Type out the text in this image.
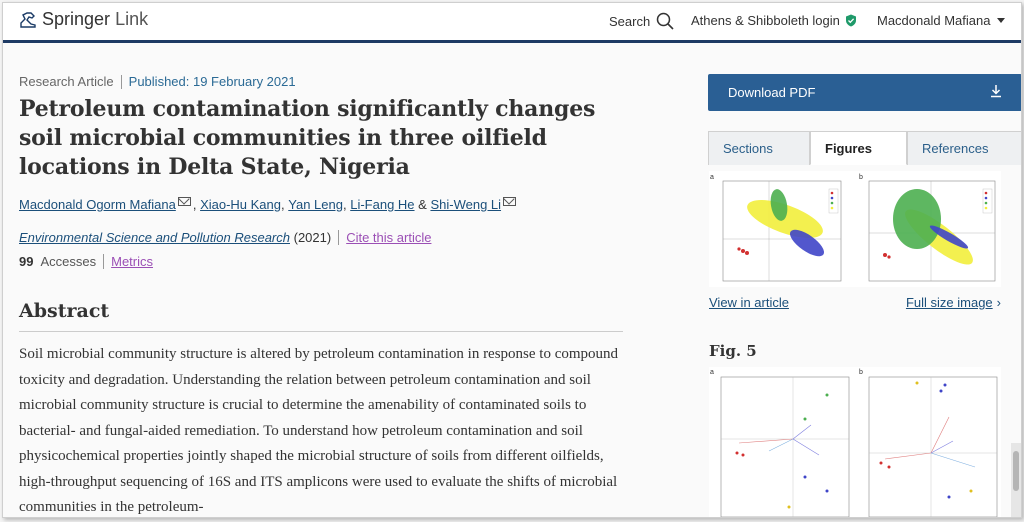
Springer Link	Search	Athens & Shibboleth login	Macdonald Mafiana
Research Article Published: 19 February 2021
Petroleum contamination significantly changes soil microbial communities in three oilfield locations in Delta State, Nigeria
Macdonald Ogorm Mafiana ,
Xiao-Hu Kang ,
Yan Leng ,
Li-Fang He
&
Shi-Weng Li
Environmental Science and Pollution Research
(2021) Cite this article
99 Accesses Metrics
Abstract

Soil microbial community structure is altered by petroleum contamination in response to compound toxicity and degradation. Understanding the relation between petroleum contamination and soil microbial community structure is crucial to determine the amenability of contaminated soils to bacterial- and fungal-aided remediation. To understand how petroleum contamination and soil physicochemical properties jointly shaped the microbial structure of soils from different oilfields, high-throughput sequencing of 16S and ITS amplicons were used to evaluate the shifts of microbial communities in the petroleum-

Download PDF
Sections	Figures	References
a	b
View in article	Full size image ›
Fig. 5
a	b
